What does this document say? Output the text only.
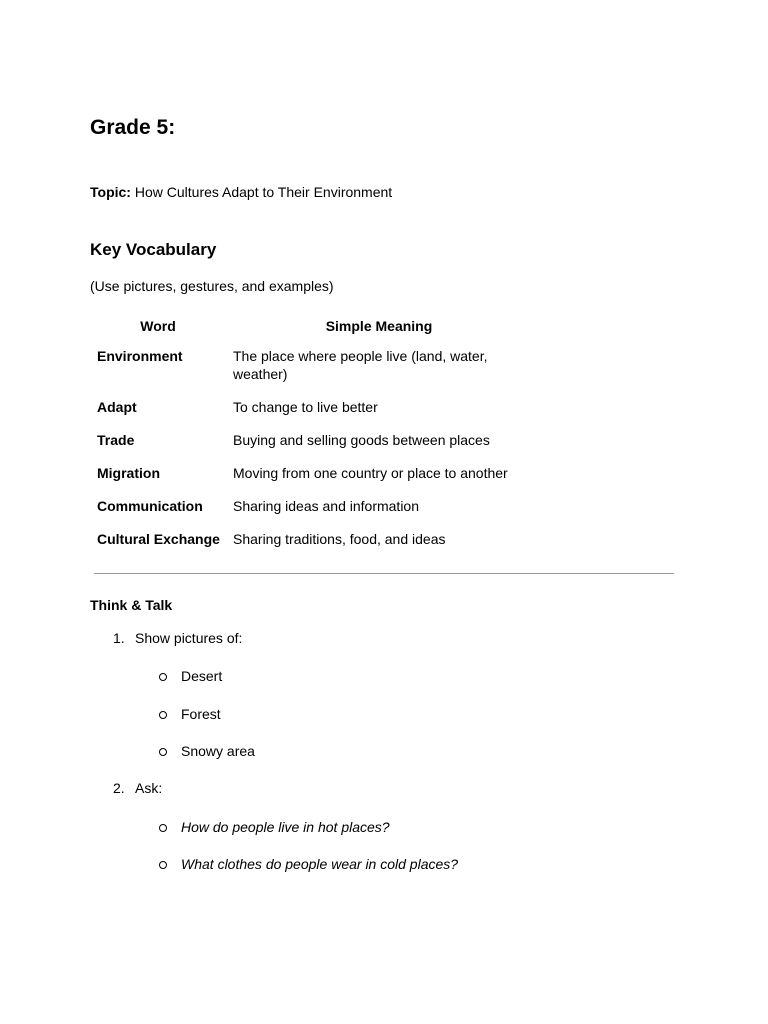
Grade 5:
Topic: How Cultures Adapt to Their Environment
Key Vocabulary
(Use pictures, gestures, and examples)
Word	Simple Meaning
Environment	The place where people live (land, water, weather)
Adapt	To change to live better
Trade	Buying and selling goods between places
Migration	Moving from one country or place to another
Communication	Sharing ideas and information
Cultural Exchange	Sharing traditions, food, and ideas
Think & Talk
1. Show pictures of:
Desert
Forest
Snowy area
2. Ask:
How do people live in hot places?
What clothes do people wear in cold places?
